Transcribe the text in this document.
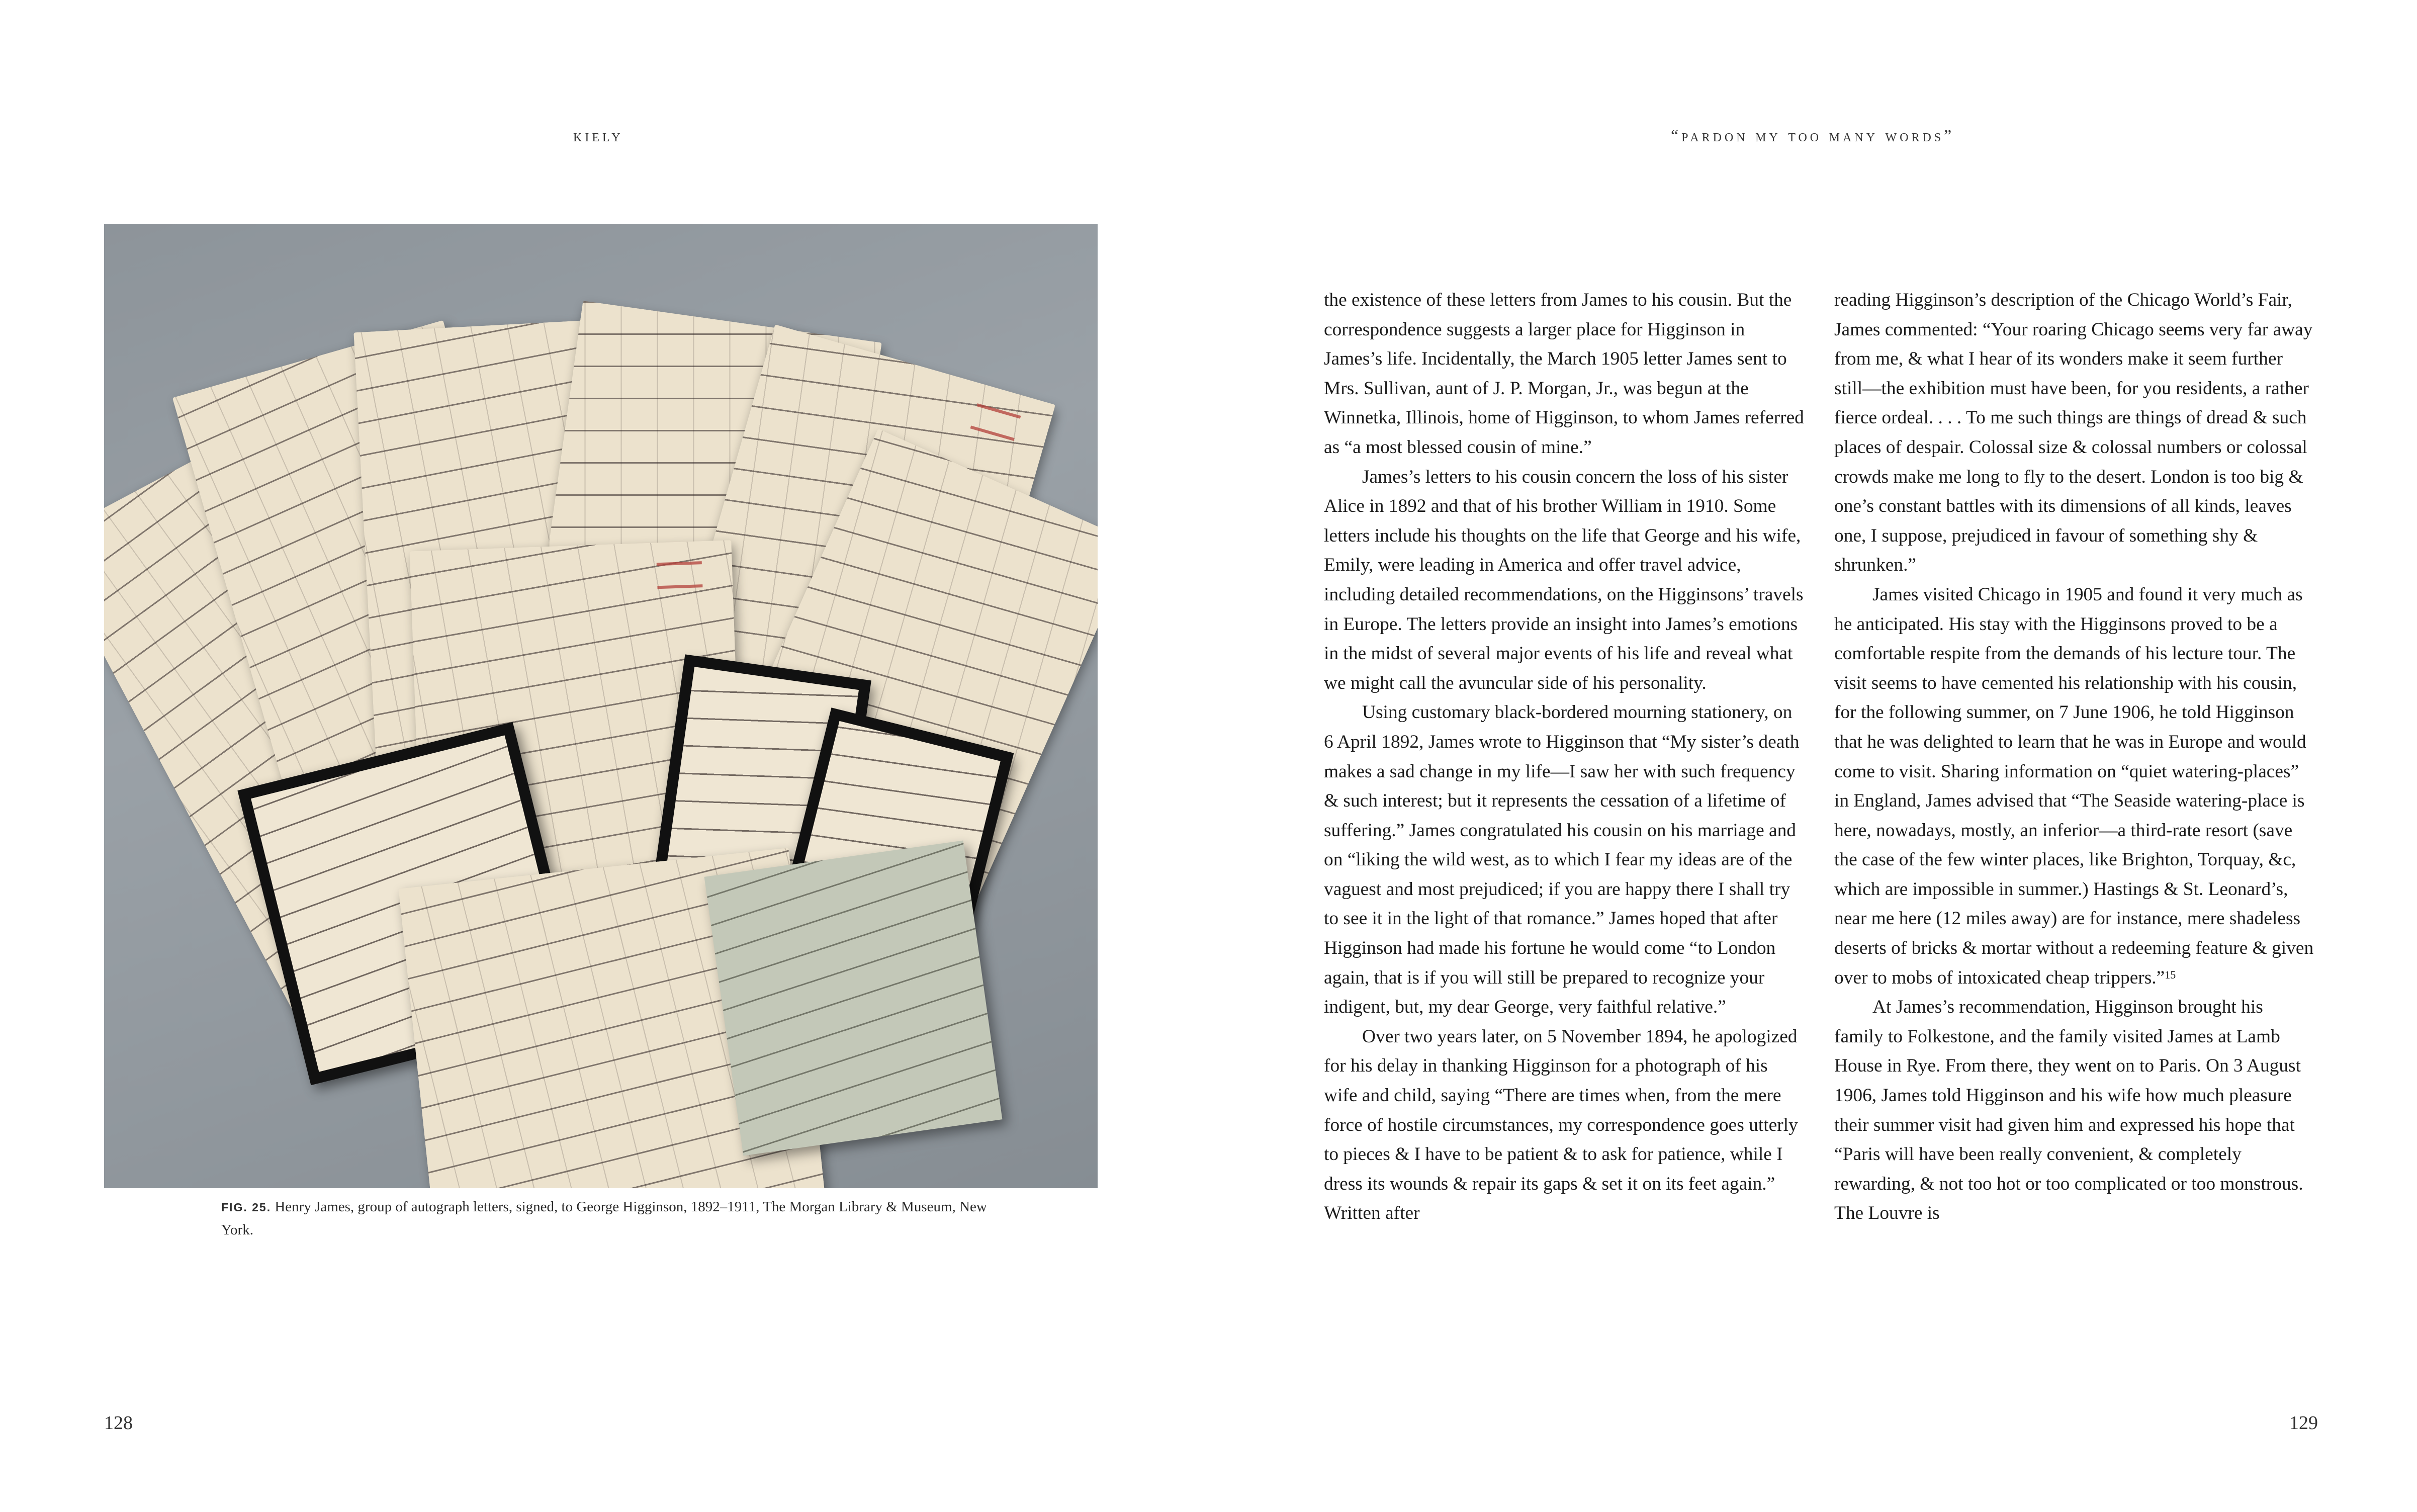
kiely
FIG. 25. Henry James, group of autograph letters, signed, to George Higginson, 1892–1911, The Morgan Library & Museum, New York.
128
“pardon my too many words”

the existence of these letters from James to his cousin. But the correspondence suggests a larger place for Higginson in James’s life. Incidentally, the March 1905 letter James sent to Mrs. Sullivan, aunt of J. P. Morgan, Jr., was begun at the Winnetka, Illinois, home of Higginson, to whom James referred as “a most blessed cousin of mine.”

James’s letters to his cousin concern the loss of his sister Alice in 1892 and that of his brother William in 1910. Some letters include his thoughts on the life that George and his wife, Emily, were leading in America and offer travel advice, including detailed recommendations, on the Higginsons’ travels in Europe. The letters provide an insight into James’s emotions in the midst of several major events of his life and reveal what we might call the avuncular side of his personality.

Using customary black-bordered mourning stationery, on 6 April 1892, James wrote to Higginson that “My sister’s death makes a sad change in my life—I saw her with such frequency & such interest; but it represents the cessation of a lifetime of suffering.” James congratulated his cousin on his marriage and on “liking the wild west, as to which I fear my ideas are of the vaguest and most prejudiced; if you are happy there I shall try to see it in the light of that romance.” James hoped that after Higginson had made his fortune he would come “to London again, that is if you will still be prepared to recognize your indigent, but, my dear George, very faithful relative.”

Over two years later, on 5 November 1894, he apologized for his delay in thanking Higginson for a photograph of his wife and child, saying “There are times when, from the mere force of hostile circumstances, my correspondence goes utterly to pieces & I have to be patient & to ask for patience, while I dress its wounds & repair its gaps & set it on its feet again.” Written after

reading Higginson’s description of the Chicago World’s Fair, James commented: “Your roaring Chicago seems very far away from me, & what I hear of its wonders make it seem further still—the exhibition must have been, for you residents, a rather fierce ordeal. . . . To me such things are things of dread & such places of despair. Colossal size & colossal numbers or colossal crowds make me long to fly to the desert. London is too big & one’s constant battles with its dimensions of all kinds, leaves one, I suppose, prejudiced in favour of something shy & shrunken.”

James visited Chicago in 1905 and found it very much as he anticipated. His stay with the Higginsons proved to be a comfortable respite from the demands of his lecture tour. The visit seems to have cemented his relationship with his cousin, for the following summer, on 7 June 1906, he told Higginson that he was delighted to learn that he was in Europe and would come to visit. Sharing information on “quiet watering-places” in England, James advised that “The Seaside watering-place is here, nowadays, mostly, an inferior—a third-rate resort (save the case of the few winter places, like Brighton, Torquay, &c, which are impossible in summer.) Hastings & St. Leonard’s, near me here (12 miles away) are for instance, mere shadeless deserts of bricks & mortar without a redeeming feature & given over to mobs of intoxicated cheap trippers.”$^{15}$

At James’s recommendation, Higginson brought his family to Folkestone, and the family visited James at Lamb House in Rye. From there, they went on to Paris. On 3 August 1906, James told Higginson and his wife how much pleasure their summer visit had given him and expressed his hope that “Paris will have been really convenient, & completely rewarding, & not too hot or too complicated or too monstrous. The Louvre is

129
